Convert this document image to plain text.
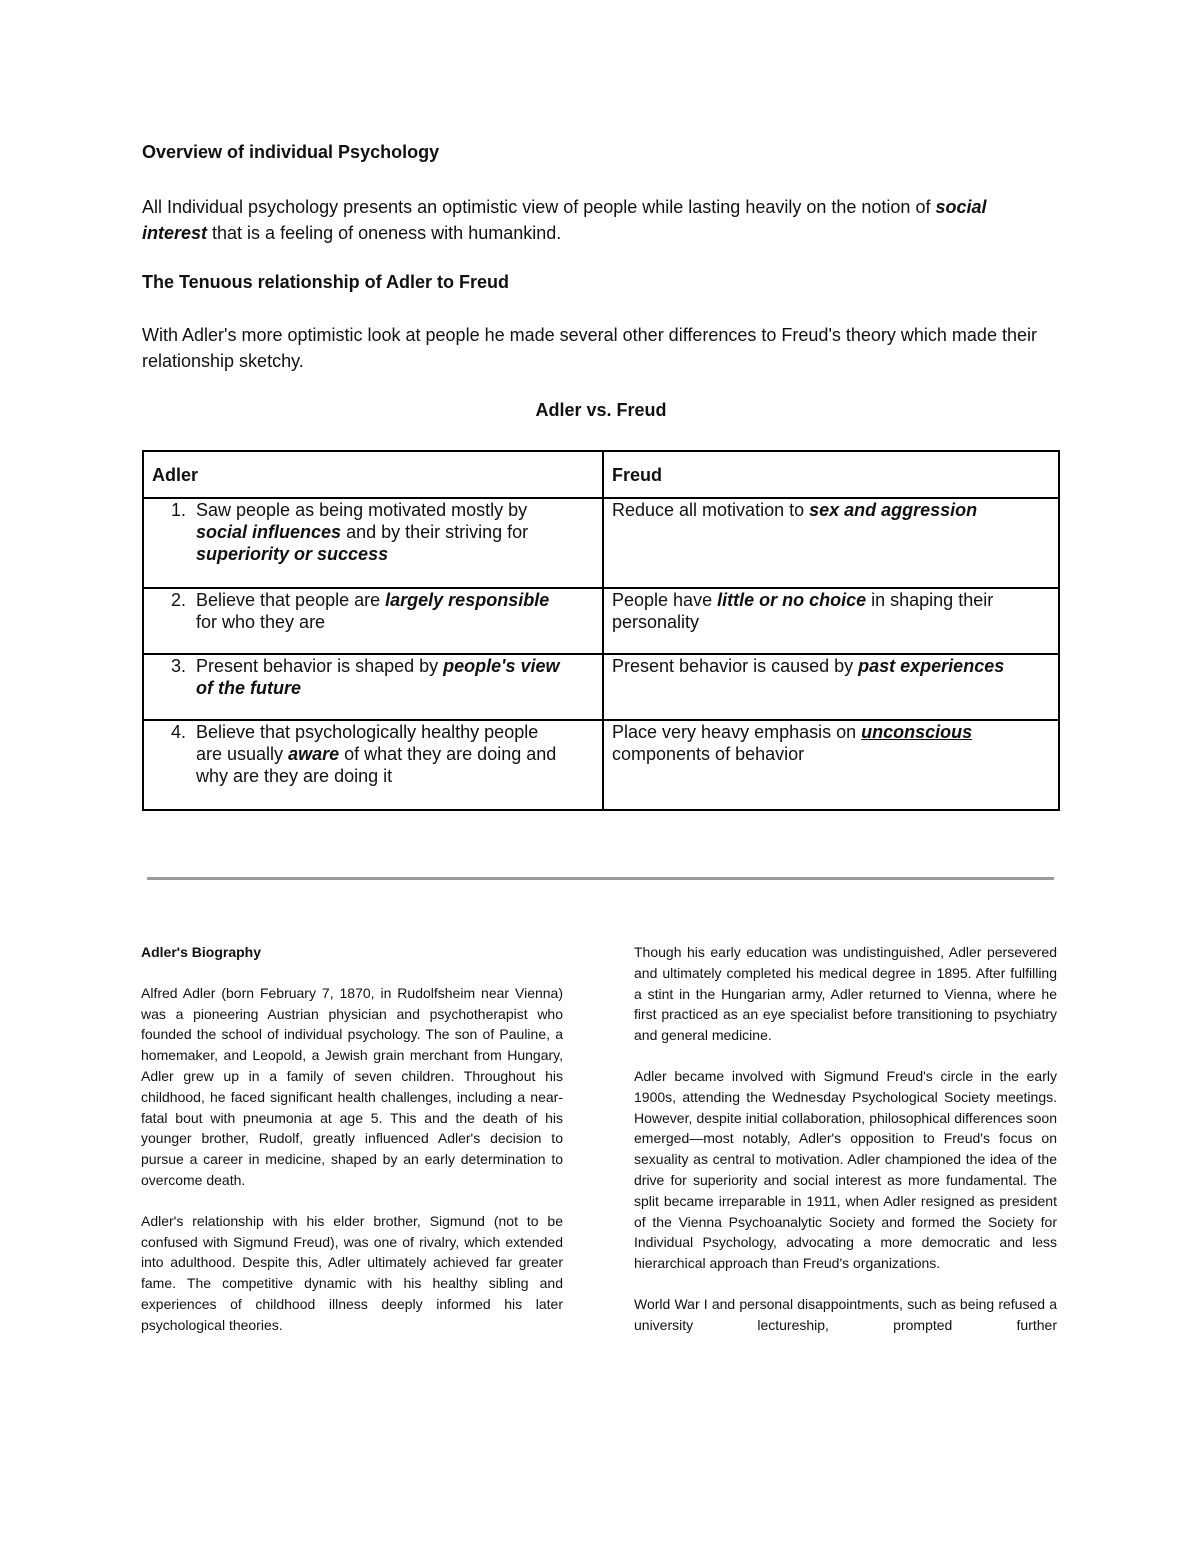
Overview of individual Psychology
All Individual psychology presents an optimistic view of people while lasting heavily on the notion of social interest that is a feeling of oneness with humankind.
The Tenuous relationship of Adler to Freud
With Adler's more optimistic look at people he made several other differences to Freud's theory which made their relationship sketchy.
Adler vs. Freud
Adler	Freud
1. Saw people as being motivated mostly by social influences and by their striving for superiority or success	Reduce all motivation to sex and aggression
2. Believe that people are largely responsible for who they are	People have little or no choice in shaping their personality
3. Present behavior is shaped by people's view of the future	Present behavior is caused by past experiences
4. Believe that psychologically healthy people are usually aware of what they are doing and why are they are doing it	Place very heavy emphasis on unconscious components of behavior
Adler's Biography

Alfred Adler (born February 7, 1870, in Rudolfsheim near Vienna) was a pioneering Austrian physician and psychotherapist who founded the school of individual psychology. The son of Pauline, a homemaker, and Leopold, a Jewish grain merchant from Hungary, Adler grew up in a family of seven children. Throughout his childhood, he faced significant health challenges, including a near-fatal bout with pneumonia at age 5. This and the death of his younger brother, Rudolf, greatly influenced Adler's decision to pursue a career in medicine, shaped by an early determination to overcome death.

Adler's relationship with his elder brother, Sigmund (not to be confused with Sigmund Freud), was one of rivalry, which extended into adulthood. Despite this, Adler ultimately achieved far greater fame. The competitive dynamic with his healthy sibling and experiences of childhood illness deeply informed his later psychological theories.

Though his early education was undistinguished, Adler persevered and ultimately completed his medical degree in 1895. After fulfilling a stint in the Hungarian army, Adler returned to Vienna, where he first practiced as an eye specialist before transitioning to psychiatry and general medicine.

Adler became involved with Sigmund Freud's circle in the early 1900s, attending the Wednesday Psychological Society meetings. However, despite initial collaboration, philosophical differences soon emerged—most notably, Adler's opposition to Freud's focus on sexuality as central to motivation. Adler championed the idea of the drive for superiority and social interest as more fundamental. The split became irreparable in 1911, when Adler resigned as president of the Vienna Psychoanalytic Society and formed the Society for Individual Psychology, advocating a more democratic and less hierarchical approach than Freud's organizations.

World War I and personal disappointments, such as being refused a university lectureship, prompted further
